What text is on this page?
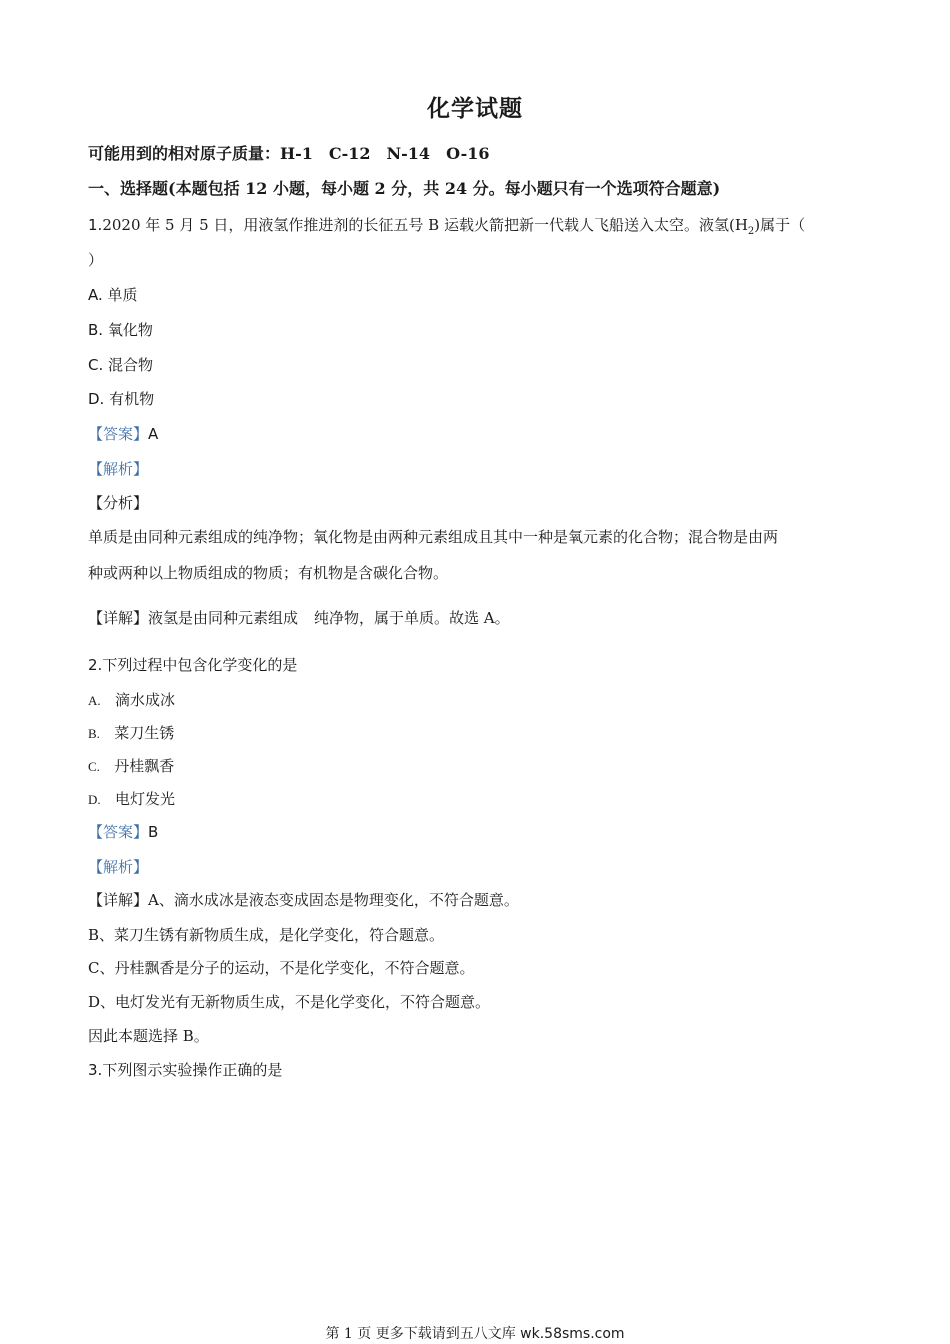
化学试题
可能用到的相对原子质量：H-1　C-12　N-14　O-16
一、选择题(本题包括 12 小题，每小题 2 分，共 24 分。每小题只有一个选项符合题意)
1.2020 年 5 月 5 日，用液氢作推进剂的长征五号 B 运载火箭把新一代载人飞船送入太空。液氢$(H_2)$属于（
）
A. 单质
B. 氧化物
C. 混合物
D. 有机物
【答案】A
【解析】
【分析】
单质是由同种元素组成的纯净物；氧化物是由两种元素组成且其中一种是氧元素的化合物；混合物是由两
种或两种以上物质组成的物质；有机物是含碳化合物。
【详解】液氢是由同种元素组成 纯净物，属于单质。故选 A。
2.下列过程中包含化学变化的是
A. 滴水成冰
B. 菜刀生锈
C. 丹桂飘香
D. 电灯发光
【答案】B
【解析】
【详解】A、滴水成冰是液态变成固态是物理变化，不符合题意。
B、菜刀生锈有新物质生成，是化学变化，符合题意。
C、丹桂飘香是分子的运动，不是化学变化，不符合题意。
D、电灯发光有无新物质生成，不是化学变化，不符合题意。
因此本题选择 B。
3.下列图示实验操作正确的是
第 1 页 更多下载请到五八文库 wk.58sms.com
